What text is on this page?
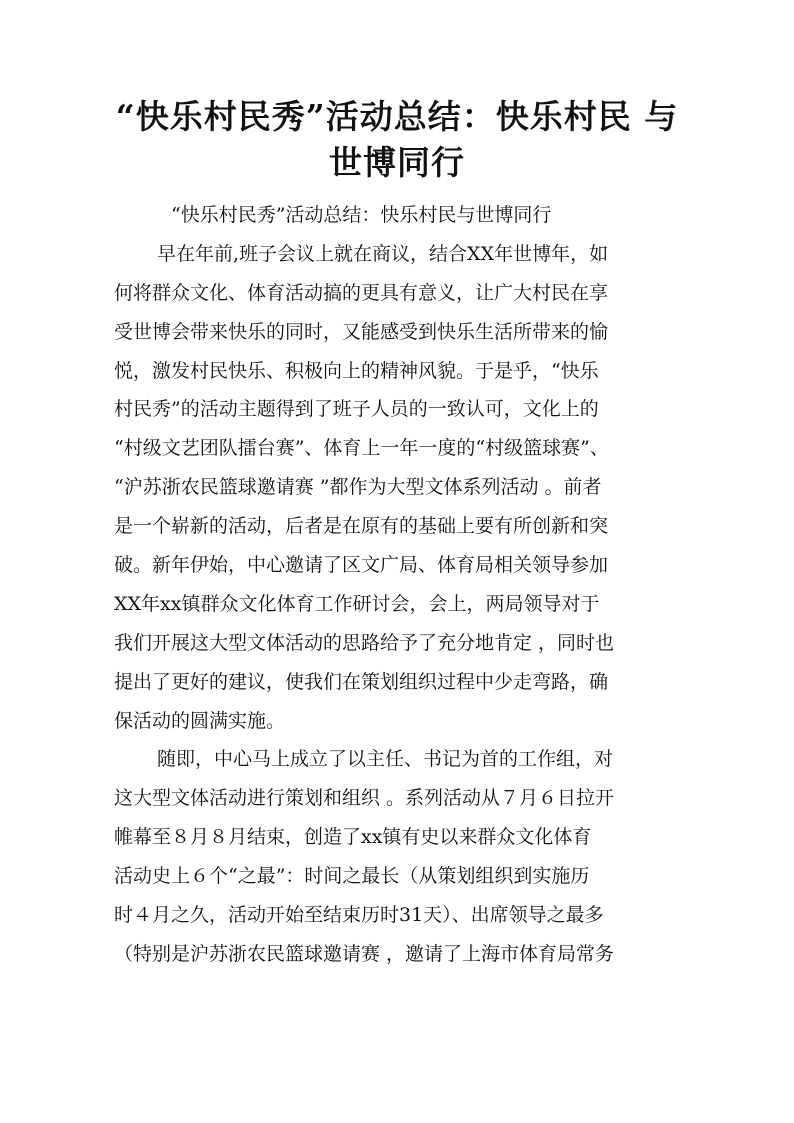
“快乐村民秀”活动总结：快乐村民 与
世博同行
“快乐村民秀”活动总结：快乐村民与世博同行
早在年前,班子会议上就在商议，结合XX年世博年，如
何将群众文化、体育活动搞的更具有意义，让广大村民在享
受世博会带来快乐的同时，又能感受到快乐生活所带来的愉
悦，激发村民快乐、积极向上的精神风貌。于是乎，“快乐
村民秀”的活动主题得到了班子人员的一致认可，文化上的
“村级文艺团队擂台赛”、体育上一年一度的“村级篮球赛”、
“沪苏浙农民篮球邀请赛 ”都作为大型文体系列活动 。前者
是一个崭新的活动，后者是在原有的基础上要有所创新和突
破。新年伊始，中心邀请了区文广局、体育局相关领导参加
XX年xx镇群众文化体育工作研讨会，会上，两局领导对于
我们开展这大型文体活动的思路给予了充分地肯定 ，同时也
提出了更好的建议，使我们在策划组织过程中少走弯路，确
保活动的圆满实施。
随即，中心马上成立了以主任、书记为首的工作组，对
这大型文体活动进行策划和组织 。系列活动从７月６日拉开
帷幕至８月８月结束，创造了xx镇有史以来群众文化体育
活动史上６个“之最”：时间之最长（从策划组织到实施历
时４月之久，活动开始至结束历时31天）、出席领导之最多
（特别是沪苏浙农民篮球邀请赛 ，邀请了上海市体育局常务
